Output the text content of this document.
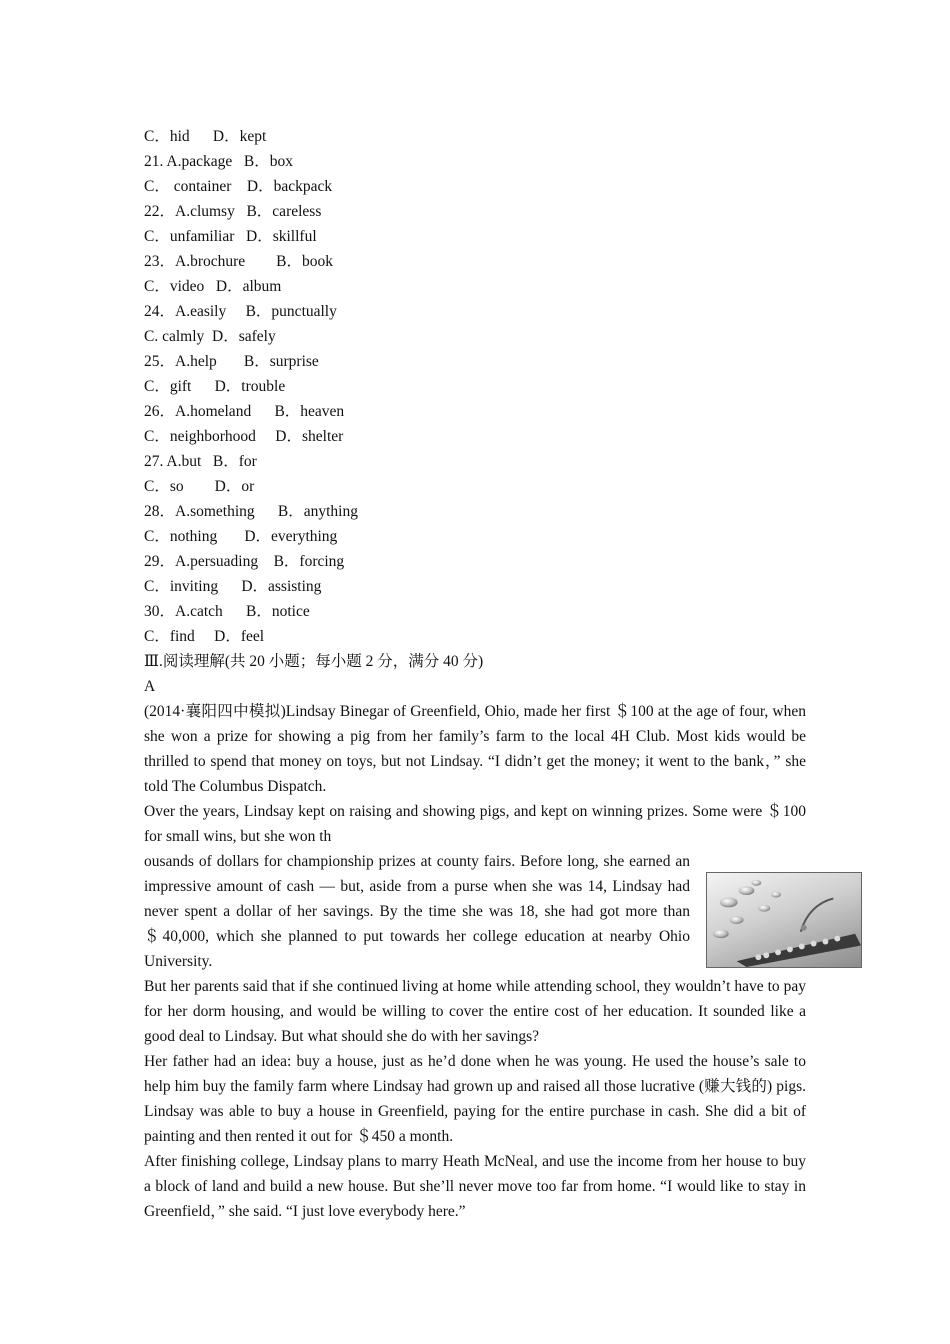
C．hid      D．kept
21. A.package   B．box
C． container    D．backpack
22．A.clumsy   B．careless
C．unfamiliar   D．skillful
23．A.brochure        B．book
C．video   D．album
24．A.easily     B．punctually
C. calmly  D．safely
25．A.help       B．surprise
C．gift      D．trouble
26．A.homeland      B．heaven
C．neighborhood     D．shelter
27. A.but   B．for
C．so        D．or
28．A.something      B．anything
C．nothing       D．everything
29．A.persuading    B．forcing
C．inviting      D．assisting
30．A.catch      B．notice
C．find     D．feel
Ⅲ.阅读理解(共 20 小题；每小题 2 分，满分 40 分)
A

(2014·襄阳四中模拟)Lindsay Binegar of Greenfield, Ohio, made her first ＄100 at the age of four, when she won a prize for showing a pig from her family’s farm to the local 4H Club. Most kids would be thrilled to spend that money on toys, but not Lindsay. “I didn’t get the money; it went to the bank，” she told The Columbus Dispatch.

Over the years, Lindsay kept on raising and showing pigs, and kept on winning prizes. Some were ＄100 for small wins, but she won th

ousands of dollars for championship prizes at county fairs. Before long, she earned an impressive amount of cash — but, aside from a purse when she was 14, Lindsay had never spent a dollar of her savings. By the time she was 18, she had got more than ＄40,000, which she planned to put towards her college education at nearby Ohio University.

But her parents said that if she continued living at home while attending school, they wouldn’t have to pay for her dorm housing, and would be willing to cover the entire cost of her education. It sounded like a good deal to Lindsay. But what should she do with her savings?

Her father had an idea: buy a house, just as he’d done when he was young. He used the house’s sale to help him buy the family farm where Lindsay had grown up and raised all those lucrative (赚大钱的) pigs. Lindsay was able to buy a house in Greenfield, paying for the entire purchase in cash. She did a bit of painting and then rented it out for ＄450 a month.

After finishing college, Lindsay plans to marry Heath McNeal, and use the income from her house to buy a block of land and build a new house. But she’ll never move too far from home. “I would like to stay in Greenfield，” she said. “I just love everybody here.”
